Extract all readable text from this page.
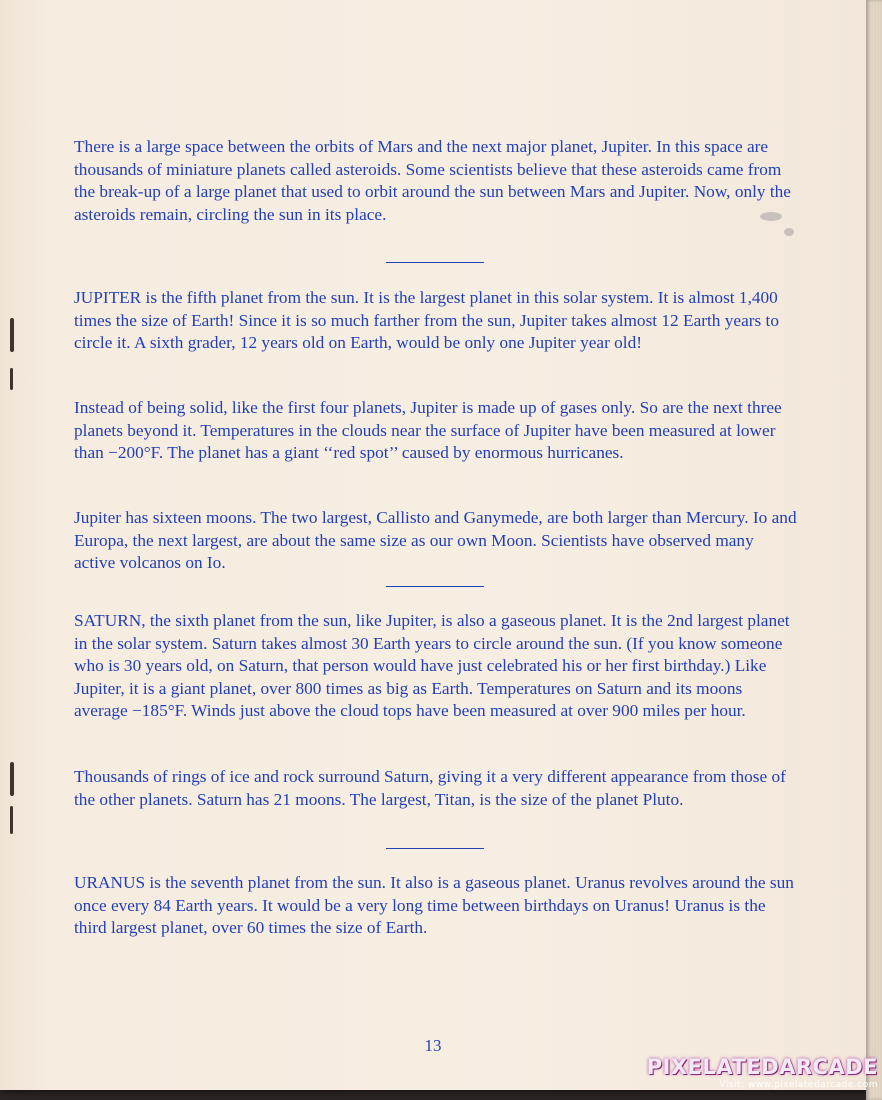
There is a large space between the orbits of Mars and the next major planet, Jupiter. In this space are thousands of miniature planets called asteroids. Some scientists believe that these asteroids came from the break-up of a large planet that used to orbit around the sun between Mars and Jupiter. Now, only the asteroids remain, circling the sun in its place.

JUPITER is the fifth planet from the sun. It is the largest planet in this solar system. It is almost 1,400 times the size of Earth! Since it is so much farther from the sun, Jupiter takes almost 12 Earth years to circle it. A sixth grader, 12 years old on Earth, would be only one Jupiter year old!

Instead of being solid, like the first four planets, Jupiter is made up of gases only. So are the next three planets beyond it. Temperatures in the clouds near the surface of Jupiter have been measured at lower than −200°F. The planet has a giant ‘‘red spot’’ caused by enormous hurricanes.

Jupiter has sixteen moons. The two largest, Callisto and Ganymede, are both larger than Mercury. Io and Europa, the next largest, are about the same size as our own Moon. Scientists have observed many active volcanos on Io.

SATURN, the sixth planet from the sun, like Jupiter, is also a gaseous planet. It is the 2nd largest planet in the solar system. Saturn takes almost 30 Earth years to circle around the sun. (If you know someone who is 30 years old, on Saturn, that person would have just celebrated his or her first birthday.) Like Jupiter, it is a giant planet, over 800 times as big as Earth. Temperatures on Saturn and its moons average −185°F. Winds just above the cloud tops have been measured at over 900 miles per hour.

Thousands of rings of ice and rock surround Saturn, giving it a very different appearance from those of the other planets. Saturn has 21 moons. The largest, Titan, is the size of the planet Pluto.

URANUS is the seventh planet from the sun. It also is a gaseous planet. Uranus revolves around the sun once every 84 Earth years. It would be a very long time between birthdays on Uranus! Uranus is the third largest planet, over 60 times the size of Earth.

13
PIXELATEDARCADE
Visit: www.pixelatedarcade.com
